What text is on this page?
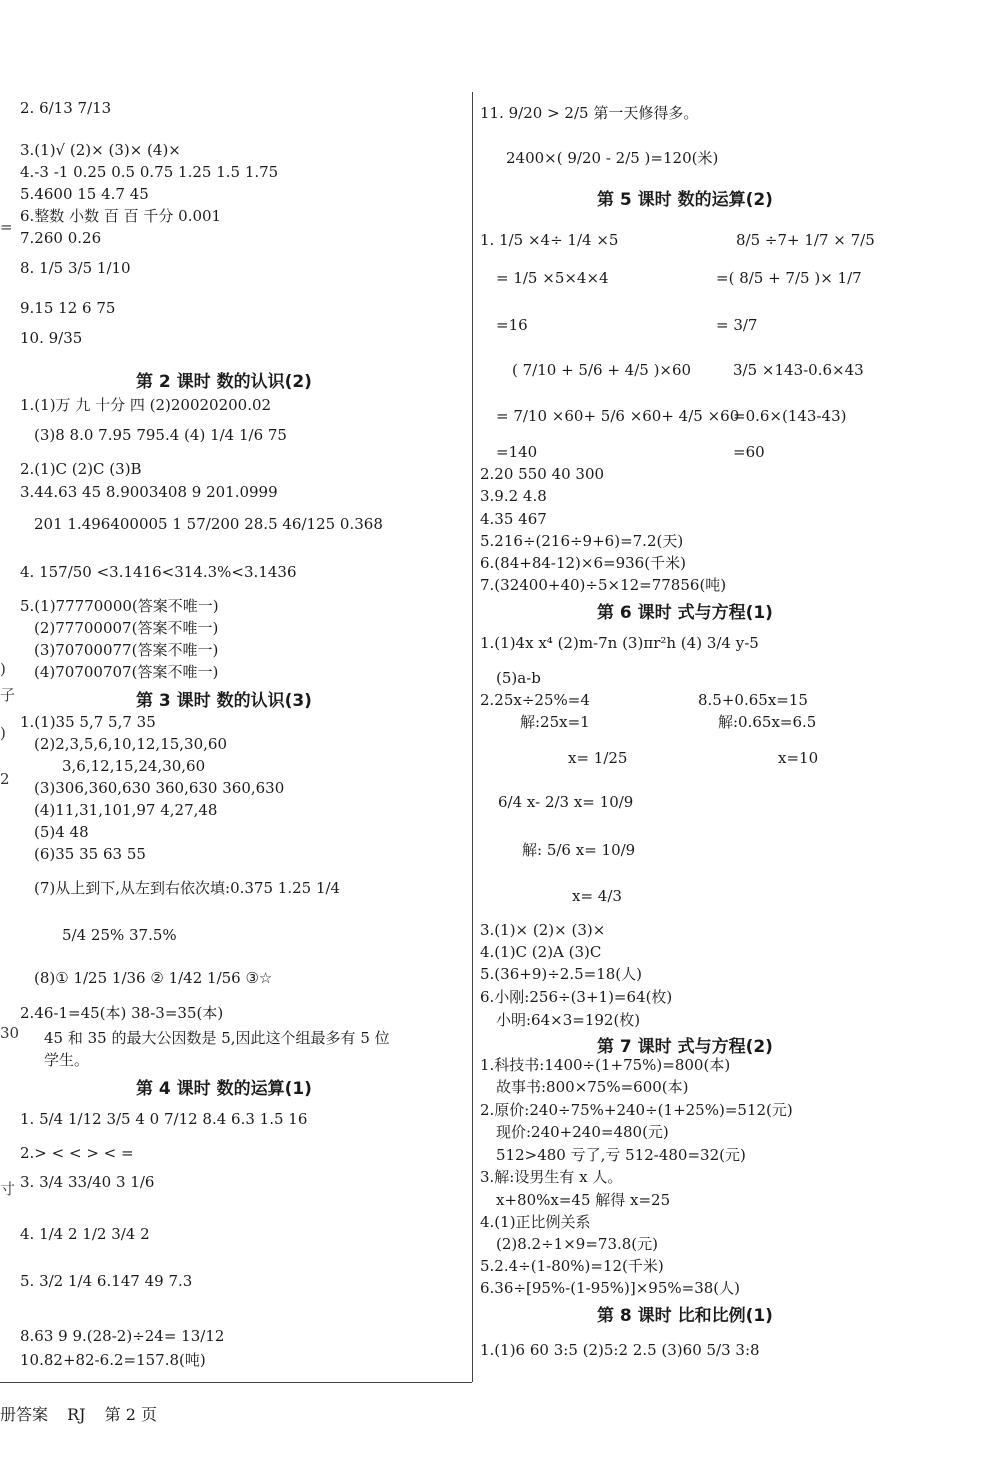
2. 6/13 7/13
3.(1)√ (2)× (3)× (4)×
4.-3 -1 0.25 0.5 0.75 1.25 1.5 1.75
5.4600 15 4.7 45
6.整数 小数 百 百 千分 0.001
7.260 0.26
8. 1/5 3/5 1/10
9.15 12 6 75
10. 9/35
1.(1)万 九 十分 四 (2)20020200.02
(3)8 8.0 7.95 795.4 (4) 1/4 1/6 75
2.(1)C (2)C (3)B
3.44.63 45 8.9003408 9 201.0999
201 1.496400005 1 57/200 28.5 46/125 0.368
4. 157/50 <3.1416<314.3%<3.1436
5.(1)77770000(答案不唯一)
(2)77700007(答案不唯一)
(3)70700077(答案不唯一)
(4)70700707(答案不唯一)
1.(1)35 5,7 5,7 35
(2)2,3,5,6,10,12,15,30,60
3,6,12,15,24,30,60
(3)306,360,630 360,630 360,630
(4)11,31,101,97 4,27,48
(5)4 48
(6)35 35 63 55
(7)从上到下,从左到右依次填:0.375 1.25 1/4
5/4 25% 37.5%
(8)① 1/25 1/36 ② 1/42 1/56 ③☆
2.46-1=45(本) 38-3=35(本)
45 和 35 的最大公因数是 5,因此这个组最多有 5 位
学生。
1. 5/4 1/12 3/5 4 0 7/12 8.4 6.3 1.5 16
2.> < < > < =
3. 3/4 33/40 3 1/6
4. 1/4 2 1/2 3/4 2
5. 3/2 1/4 6.147 49 7.3
8.63 9 9.(28-2)÷24= 13/12
10.82+82-6.2=157.8(吨)
第 2 课时 数的认识(2)
第 3 课时 数的认识(3)
第 4 课时 数的运算(1)
11. 9/20 > 2/5 第一天修得多。
2400×( 9/20 - 2/5 )=120(米)
1. 1/5 ×4÷ 1/4 ×5	8/5 ÷7+ 1/7 × 7/5
= 1/5 ×5×4×4	=( 8/5 + 7/5 )× 1/7
=16	= 3/7
( 7/10 + 5/6 + 4/5 )×60	3/5 ×143-0.6×43
= 7/10 ×60+ 5/6 ×60+ 4/5 ×60
=0.6×(143-43)
=140	=60
2.20 550 40 300
3.9.2 4.8
4.35 467
5.216÷(216÷9+6)=7.2(天)
6.(84+84-12)×6=936(千米)
7.(32400+40)÷5×12=77856(吨)
1.(1)4x x⁴ (2)m-7n (3)πr²h (4) 3/4 y-5
(5)a-b
2.25x÷25%=4	8.5+0.65x=15
解:25x=1	解:0.65x=6.5
x= 1/25	x=10
6/4 x- 2/3 x= 10/9
解: 5/6 x= 10/9
x= 4/3
3.(1)× (2)× (3)×
4.(1)C (2)A (3)C
5.(36+9)÷2.5=18(人)
6.小刚:256÷(3+1)=64(枚)
小明:64×3=192(枚)
1.科技书:1400÷(1+75%)=800(本)
故事书:800×75%=600(本)
2.原价:240÷75%+240÷(1+25%)=512(元)
现价:240+240=480(元)
512>480 亏了,亏 512-480=32(元)
3.解:设男生有 x 人。
x+80%x=45 解得 x=25
4.(1)正比例关系
(2)8.2÷1×9=73.8(元)
5.2.4÷(1-80%)=12(千米)
6.36÷[95%-(1-95%)]×95%=38(人)
1.(1)6 60 3:5 (2)5:2 2.5 (3)60 5/3 3:8
第 5 课时 数的运算(2)
第 6 课时 式与方程(1)
第 7 课时 式与方程(2)
第 8 课时 比和比例(1)
=
)
子
)
2
30
寸
册答案 RJ 第 2 页
